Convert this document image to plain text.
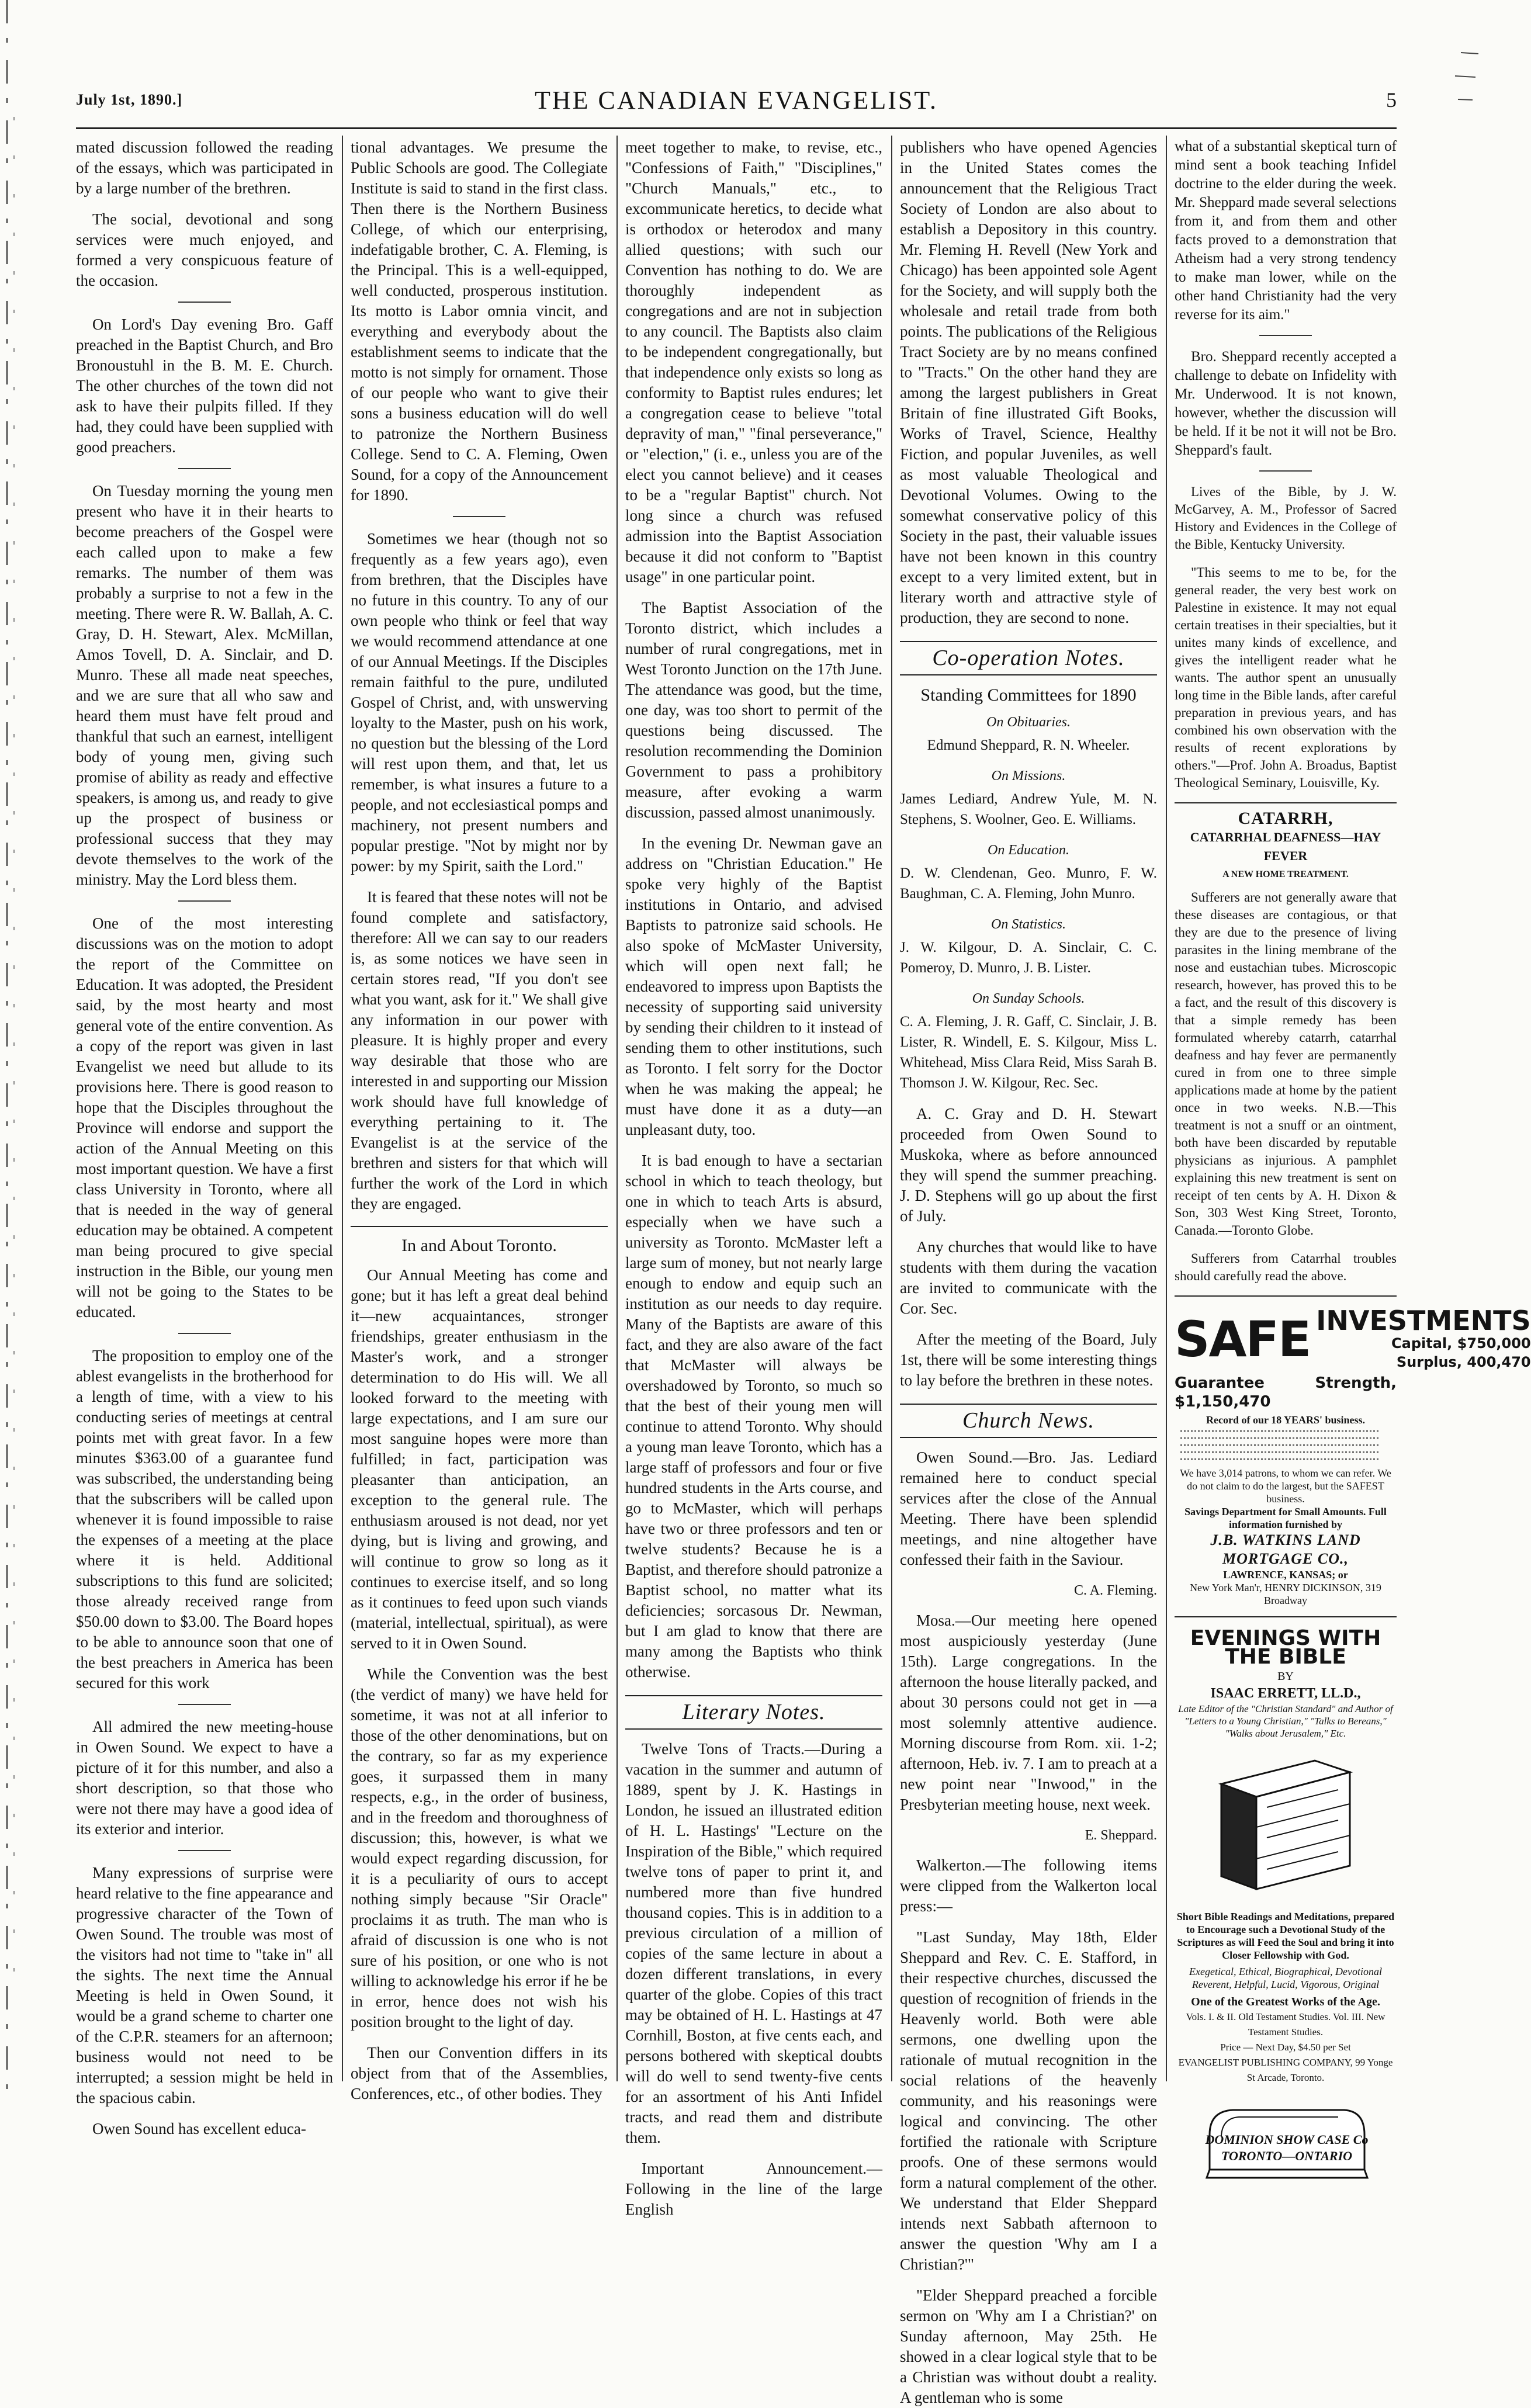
July 1st, 1890.]	THE CANADIAN EVANGELIST.	5

mated discussion followed the reading of the essays, which was participated in by a large number of the brethren.

The social, devotional and song services were much enjoyed, and formed a very conspicuous feature of the occasion.

On Lord's Day evening Bro. Gaff preached in the Baptist Church, and Bro Bronoustuhl in the B. M. E. Church. The other churches of the town did not ask to have their pulpits filled. If they had, they could have been supplied with good preachers.

On Tuesday morning the young men present who have it in their hearts to become preachers of the Gospel were each called upon to make a few remarks. The number of them was probably a surprise to not a few in the meeting. There were R. W. Ballah, A. C. Gray, D. H. Stewart, Alex. McMillan, Amos Tovell, D. A. Sinclair, and D. Munro. These all made neat speeches, and we are sure that all who saw and heard them must have felt proud and thankful that such an earnest, intelligent body of young men, giving such promise of ability as ready and effective speakers, is among us, and ready to give up the prospect of business or professional success that they may devote themselves to the work of the ministry. May the Lord bless them.

One of the most interesting discussions was on the motion to adopt the report of the Committee on Education. It was adopted, the President said, by the most hearty and most general vote of the entire convention. As a copy of the report was given in last Evangelist we need but allude to its provisions here. There is good reason to hope that the Disciples throughout the Province will endorse and support the action of the Annual Meeting on this most important question. We have a first class University in Toronto, where all that is needed in the way of general education may be obtained. A competent man being procured to give special instruction in the Bible, our young men will not be going to the States to be educated.

The proposition to employ one of the ablest evangelists in the brotherhood for a length of time, with a view to his conducting series of meetings at central points met with great favor. In a few minutes $363.00 of a guarantee fund was subscribed, the understanding being that the subscribers will be called upon whenever it is found impossible to raise the expenses of a meeting at the place where it is held. Additional subscriptions to this fund are solicited; those already received range from $50.00 down to $3.00. The Board hopes to be able to announce soon that one of the best preachers in America has been secured for this work

All admired the new meeting-house in Owen Sound. We expect to have a picture of it for this number, and also a short description, so that those who were not there may have a good idea of its exterior and interior.

Many expressions of surprise were heard relative to the fine appearance and progressive character of the Town of Owen Sound. The trouble was most of the visitors had not time to "take in" all the sights. The next time the Annual Meeting is held in Owen Sound, it would be a grand scheme to charter one of the C.P.R. steamers for an afternoon; business would not need to be interrupted; a session might be held in the spacious cabin.

Owen Sound has excellent educa-

tional advantages. We presume the Public Schools are good. The Collegiate Institute is said to stand in the first class. Then there is the Northern Business College, of which our enterprising, indefatigable brother, C. A. Fleming, is the Principal. This is a well-equipped, well conducted, prosperous institution. Its motto is Labor omnia vincit, and everything and everybody about the establishment seems to indicate that the motto is not simply for ornament. Those of our people who want to give their sons a business education will do well to patronize the Northern Business College. Send to C. A. Fleming, Owen Sound, for a copy of the Announcement for 1890.

Sometimes we hear (though not so frequently as a few years ago), even from brethren, that the Disciples have no future in this country. To any of our own people who think or feel that way we would recommend attendance at one of our Annual Meetings. If the Disciples remain faithful to the pure, undiluted Gospel of Christ, and, with unswerving loyalty to the Master, push on his work, no question but the blessing of the Lord will rest upon them, and that, let us remember, is what insures a future to a people, and not ecclesiastical pomps and machinery, not present numbers and popular prestige. "Not by might nor by power: by my Spirit, saith the Lord."

It is feared that these notes will not be found complete and satisfactory, therefore: All we can say to our readers is, as some notices we have seen in certain stores read, "If you don't see what you want, ask for it." We shall give any information in our power with pleasure. It is highly proper and every way desirable that those who are interested in and supporting our Mission work should have full knowledge of everything pertaining to it. The Evangelist is at the service of the brethren and sisters for that which will further the work of the Lord in which they are engaged.

In and About Toronto.

Our Annual Meeting has come and gone; but it has left a great deal behind it—new acquaintances, stronger friendships, greater enthusiasm in the Master's work, and a stronger determination to do His will. We all looked forward to the meeting with large expectations, and I am sure our most sanguine hopes were more than fulfilled; in fact, participation was pleasanter than anticipation, an exception to the general rule. The enthusiasm aroused is not dead, nor yet dying, but is living and growing, and will continue to grow so long as it continues to exercise itself, and so long as it continues to feed upon such viands (material, intellectual, spiritual), as were served to it in Owen Sound.

While the Convention was the best (the verdict of many) we have held for sometime, it was not at all inferior to those of the other denominations, but on the contrary, so far as my experience goes, it surpassed them in many respects, e.g., in the order of business, and in the freedom and thoroughness of discussion; this, however, is what we would expect regarding discussion, for it is a peculiarity of ours to accept nothing simply because "Sir Oracle" proclaims it as truth. The man who is afraid of discussion is one who is not sure of his position, or one who is not willing to acknowledge his error if he be in error, hence does not wish his position brought to the light of day.

Then our Convention differs in its object from that of the Assemblies, Conferences, etc., of other bodies. They

meet together to make, to revise, etc., "Confessions of Faith," "Disciplines," "Church Manuals," etc., to excommunicate heretics, to decide what is orthodox or heterodox and many allied questions; with such our Convention has nothing to do. We are thoroughly independent as congregations and are not in subjection to any council. The Baptists also claim to be independent congregationally, but that independence only exists so long as conformity to Baptist rules endures; let a congregation cease to believe "total depravity of man," "final perseverance," or "election," (i. e., unless you are of the elect you cannot believe) and it ceases to be a "regular Baptist" church. Not long since a church was refused admission into the Baptist Association because it did not conform to "Baptist usage" in one particular point.

The Baptist Association of the Toronto district, which includes a number of rural congregations, met in West Toronto Junction on the 17th June. The attendance was good, but the time, one day, was too short to permit of the questions being discussed. The resolution recommending the Dominion Government to pass a prohibitory measure, after evoking a warm discussion, passed almost unanimously.

In the evening Dr. Newman gave an address on "Christian Education." He spoke very highly of the Baptist institutions in Ontario, and advised Baptists to patronize said schools. He also spoke of McMaster University, which will open next fall; he endeavored to impress upon Baptists the necessity of supporting said university by sending their children to it instead of sending them to other institutions, such as Toronto. I felt sorry for the Doctor when he was making the appeal; he must have done it as a duty—an unpleasant duty, too.

It is bad enough to have a sectarian school in which to teach theology, but one in which to teach Arts is absurd, especially when we have such a university as Toronto. McMaster left a large sum of money, but not nearly large enough to endow and equip such an institution as our needs to day require. Many of the Baptists are aware of this fact, and they are also aware of the fact that McMaster will always be overshadowed by Toronto, so much so that the best of their young men will continue to attend Toronto. Why should a young man leave Toronto, which has a large staff of professors and four or five hundred students in the Arts course, and go to McMaster, which will perhaps have two or three professors and ten or twelve students? Because he is a Baptist, and therefore should patronize a Baptist school, no matter what its deficiencies; sorcasous Dr. Newman, but I am glad to know that there are many among the Baptists who think otherwise.

Literary Notes.

Twelve Tons of Tracts.—During a vacation in the summer and autumn of 1889, spent by J. K. Hastings in London, he issued an illustrated edition of H. L. Hastings' "Lecture on the Inspiration of the Bible," which required twelve tons of paper to print it, and numbered more than five hundred thousand copies. This is in addition to a previous circulation of a million of copies of the same lecture in about a dozen different translations, in every quarter of the globe. Copies of this tract may be obtained of H. L. Hastings at 47 Cornhill, Boston, at five cents each, and persons bothered with skeptical doubts will do well to send twenty-five cents for an assortment of his Anti Infidel tracts, and read them and distribute them.

Important Announcement.—Following in the line of the large English

publishers who have opened Agencies in the United States comes the announcement that the Religious Tract Society of London are also about to establish a Depository in this country. Mr. Fleming H. Revell (New York and Chicago) has been appointed sole Agent for the Society, and will supply both the wholesale and retail trade from both points. The publications of the Religious Tract Society are by no means confined to "Tracts." On the other hand they are among the largest publishers in Great Britain of fine illustrated Gift Books, Works of Travel, Science, Healthy Fiction, and popular Juveniles, as well as most valuable Theological and Devotional Volumes. Owing to the somewhat conservative policy of this Society in the past, their valuable issues have not been known in this country except to a very limited extent, but in literary worth and attractive style of production, they are second to none.

Co-operation Notes.
Standing Committees for 1890
On Obituaries.

Edmund Sheppard, R. N. Wheeler.

On Missions.

James Lediard, Andrew Yule, M. N. Stephens, S. Woolner, Geo. E. Williams.

On Education.

D. W. Clendenan, Geo. Munro, F. W. Baughman, C. A. Fleming, John Munro.

On Statistics.

J. W. Kilgour, D. A. Sinclair, C. C. Pomeroy, D. Munro, J. B. Lister.

On Sunday Schools.

C. A. Fleming, J. R. Gaff, C. Sinclair, J. B. Lister, R. Windell, E. S. Kilgour, Miss L. Whitehead, Miss Clara Reid, Miss Sarah B. Thomson J. W. Kilgour, Rec. Sec.

A. C. Gray and D. H. Stewart proceeded from Owen Sound to Muskoka, where as before announced they will spend the summer preaching. J. D. Stephens will go up about the first of July.

Any churches that would like to have students with them during the vacation are invited to communicate with the Cor. Sec.

After the meeting of the Board, July 1st, there will be some interesting things to lay before the brethren in these notes.

Church News.

Owen Sound.—Bro. Jas. Lediard remained here to conduct special services after the close of the Annual Meeting. There have been splendid meetings, and nine altogether have confessed their faith in the Saviour.

C. A. Fleming.

Mosa.—Our meeting here opened most auspiciously yesterday (June 15th). Large congregations. In the afternoon the house literally packed, and about 30 persons could not get in —a most solemnly attentive audience. Morning discourse from Rom. xii. 1-2; afternoon, Heb. iv. 7. I am to preach at a new point near "Inwood," in the Presbyterian meeting house, next week.

E. Sheppard.

Walkerton.—The following items were clipped from the Walkerton local press:—

"Last Sunday, May 18th, Elder Sheppard and Rev. C. E. Stafford, in their respective churches, discussed the question of recognition of friends in the Heavenly world. Both were able sermons, one dwelling upon the rationale of mutual recognition in the social relations of the heavenly community, and his reasonings were logical and convincing. The other fortified the rationale with Scripture proofs. One of these sermons would form a natural complement of the other. We understand that Elder Sheppard intends next Sabbath afternoon to answer the question 'Why am I a Christian?'"

"Elder Sheppard preached a forcible sermon on 'Why am I a Christian?' on Sunday afternoon, May 25th. He showed in a clear logical style that to be a Christian was without doubt a reality. A gentleman who is some

what of a substantial skeptical turn of mind sent a book teaching Infidel doctrine to the elder during the week. Mr. Sheppard made several selections from it, and from them and other facts proved to a demonstration that Atheism had a very strong tendency to make man lower, while on the other hand Christianity had the very reverse for its aim."

Bro. Sheppard recently accepted a challenge to debate on Infidelity with Mr. Underwood. It is not known, however, whether the discussion will be held. If it be not it will not be Bro. Sheppard's fault.

Lives of the Bible, by J. W. McGarvey, A. M., Professor of Sacred History and Evidences in the College of the Bible, Kentucky University.

"This seems to me to be, for the general reader, the very best work on Palestine in existence. It may not equal certain treatises in their specialties, but it unites many kinds of excellence, and gives the intelligent reader what he wants. The author spent an unusually long time in the Bible lands, after careful preparation in previous years, and has combined his own observation with the results of recent explorations by others."—Prof. John A. Broadus, Baptist Theological Seminary, Louisville, Ky.

CATARRH,
CATARRHAL DEAFNESS—HAY FEVER
A NEW HOME TREATMENT.

Sufferers are not generally aware that these diseases are contagious, or that they are due to the presence of living parasites in the lining membrane of the nose and eustachian tubes. Microscopic research, however, has proved this to be a fact, and the result of this discovery is that a simple remedy has been formulated whereby catarrh, catarrhal deafness and hay fever are permanently cured in from one to three simple applications made at home by the patient once in two weeks. N.B.—This treatment is not a snuff or an ointment, both have been discarded by reputable physicians as injurious. A pamphlet explaining this new treatment is sent on receipt of ten cents by A. H. Dixon & Son, 303 West King Street, Toronto, Canada.—Toronto Globe.

Sufferers from Catarrhal troubles should carefully read the above.

SAFE INVESTMENTS
Capital, $750,000
Surplus, 400,470
Guarantee Strength, $1,150,470
Record of our 18 YEARS' business.
We have 3,014 patrons, to whom we can refer. We do not claim to do the largest, but the SAFEST business.
Savings Department for Small Amounts. Full information furnished by
J.B. WATKINS LAND MORTGAGE CO.,
LAWRENCE, KANSAS; or
New York Man'r, HENRY DICKINSON, 319 Broadway
EVENINGS WITH THE BIBLE
BY
ISAAC ERRETT, LL.D.,
Late Editor of the "Christian Standard" and Author of "Letters to a Young Christian," "Talks to Bereans," "Walks about Jerusalem," Etc.
Short Bible Readings and Meditations, prepared to Encourage such a Devotional Study of the Scriptures as will Feed the Soul and bring it into Closer Fellowship with God.
Exegetical, Ethical, Biographical, Devotional Reverent, Helpful, Lucid, Vigorous, Original
One of the Greatest Works of the Age.
Vols. I. & II. Old Testament Studies. Vol. III. New Testament Studies.
Price — Next Day, $4.50 per Set
EVANGELIST PUBLISHING COMPANY, 99 Yonge St Arcade, Toronto.
DOMINION SHOW CASE Co
TORONTO—ONTARIO
